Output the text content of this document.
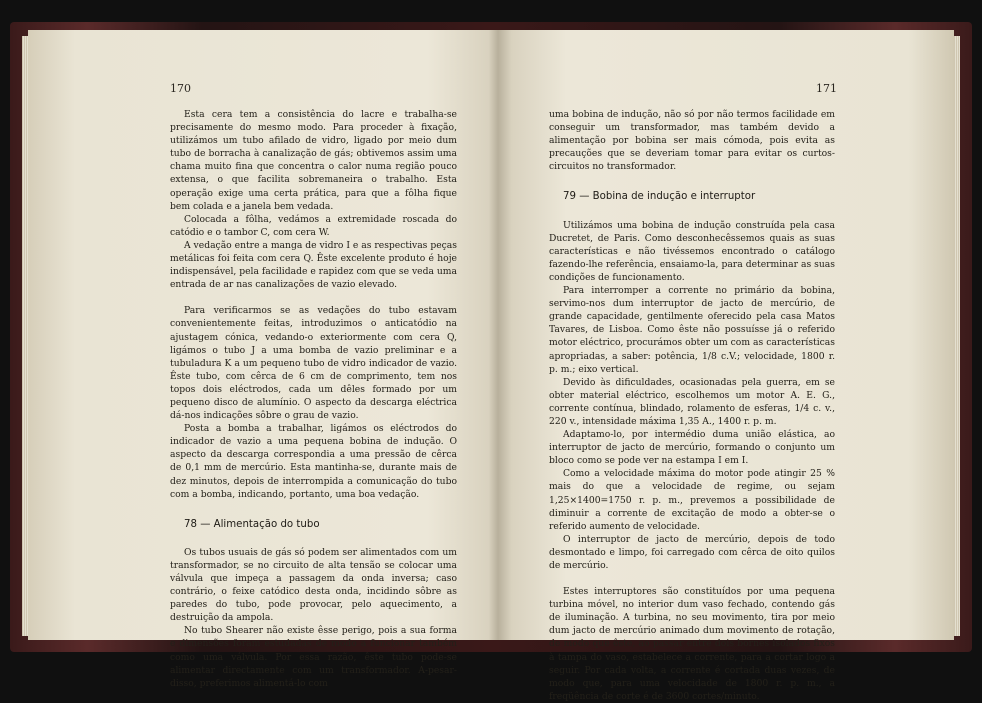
170

Esta cera tem a consistência do lacre e trabalha-se precisamente do mesmo modo. Para proceder à fixação, utilizámos um tubo afilado de vidro, ligado por meio dum tubo de borracha à canalização de gás; obtivemos assim uma chama muito fina que concentra o calor numa região pouco extensa, o que facilita sobremaneira o trabalho. Esta operação exige uma certa prática, para que a fôlha fique bem colada e a janela bem vedada.

Colocada a fôlha, vedámos a extremidade roscada do catódio e o tambor C, com cera W.

A vedação entre a manga de vidro I e as respectivas peças metálicas foi feita com cera Q. Êste excelente produto é hoje indispensável, pela facilidade e rapidez com que se veda uma entrada de ar nas canalizações de vazio elevado.

Para verificarmos se as vedações do tubo estavam convenientemente feitas, introduzimos o anticatódio na ajustagem cónica, vedando-o exteriormente com cera Q, ligámos o tubo J a uma bomba de vazio preliminar e a tubuladura K a um pequeno tubo de vidro indicador de vazio. Êste tubo, com cêrca de 6 cm de comprimento, tem nos topos dois eléctrodos, cada um dêles formado por um pequeno disco de alumínio. O aspecto da descarga eléctrica dá-nos indicações sôbre o grau de vazio.

Posta a bomba a trabalhar, ligámos os eléctrodos do indicador de vazio a uma pequena bobina de indução. O aspecto da descarga correspondia a uma pressão de cêrca de 0,1 mm de mercúrio. Esta mantinha-se, durante mais de dez minutos, depois de interrompida a comunicação do tubo com a bomba, indicando, portanto, uma boa vedação.

78 — Alimentação do tubo

Os tubos usuais de gás só podem ser alimentados com um transformador, se no circuito de alta tensão se colocar uma válvula que impeça a passagem da onda inversa; caso contrário, o feixe catódico desta onda, incidindo sôbre as paredes do tubo, pode provocar, pelo aquecimento, a destruição da ampola.

No tubo Shearer não existe êsse perigo, pois a sua forma e dimensões foram estudadas de modo a funcionar também como uma válvula. Por essa razão, êste tubo pode-se alimentar directamente com um transformador. A-pesar-disso, preferimos alimentá-lo com

171

uma bobina de indução, não só por não termos facilidade em conseguir um transformador, mas também devido a alimentação por bobina ser mais cómoda, pois evita as precauções que se deveriam tomar para evitar os curtos-circuitos no transformador.

79 — Bobina de indução e interruptor

Utilizámos uma bobina de indução construída pela casa Ducretet, de Paris. Como desconhecêssemos quais as suas características e não tivéssemos encontrado o catálogo fazendo-lhe referência, ensaiamo-la, para determinar as suas condições de funcionamento.

Para interromper a corrente no primário da bobina, servimo-nos dum interruptor de jacto de mercúrio, de grande capacidade, gentilmente oferecido pela casa Matos Tavares, de Lisboa. Como êste não possuísse já o referido motor eléctrico, procurámos obter um com as características apropriadas, a saber: potência, 1/8 c.V.; velocidade, 1800 r. p. m.; eixo vertical.

Devido às dificuldades, ocasionadas pela guerra, em se obter material eléctrico, escolhemos um motor A. E. G., corrente contínua, blindado, rolamento de esferas, 1/4 c. v., 220 v., intensidade máxima 1,35 A., 1400 r. p. m.

Adaptamo-lo, por intermédio duma união elástica, ao interruptor de jacto de mercúrio, formando o conjunto um bloco como se pode ver na estampa I em I.

Como a velocidade máxima do motor pode atingir 25 % mais do que a velocidade de regime, ou sejam 1,25×1400=1750 r. p. m., prevemos a possibilidade de diminuir a corrente de excitação de modo a obter-se o referido aumento de velocidade.

O interruptor de jacto de mercúrio, depois de todo desmontado e limpo, foi carregado com cêrca de oito quilos de mercúrio.

Estes interruptores são constituídos por uma pequena turbina móvel, no interior dum vaso fechado, contendo gás de iluminação. A turbina, no seu movimento, tira por meio dum jacto de mercúrio animado dum movimento de rotação, de modo que êste, ao passar entre dois bornes isolados fixos à tampa do vaso, estabelece a corrente, para a cortar logo a seguir. Por cada volta, a corrente é cortada duas vezes, de modo que, para uma velocidade de 1800 r. p. m., a freqüência de corte é de 3600 cortes/minuto.
